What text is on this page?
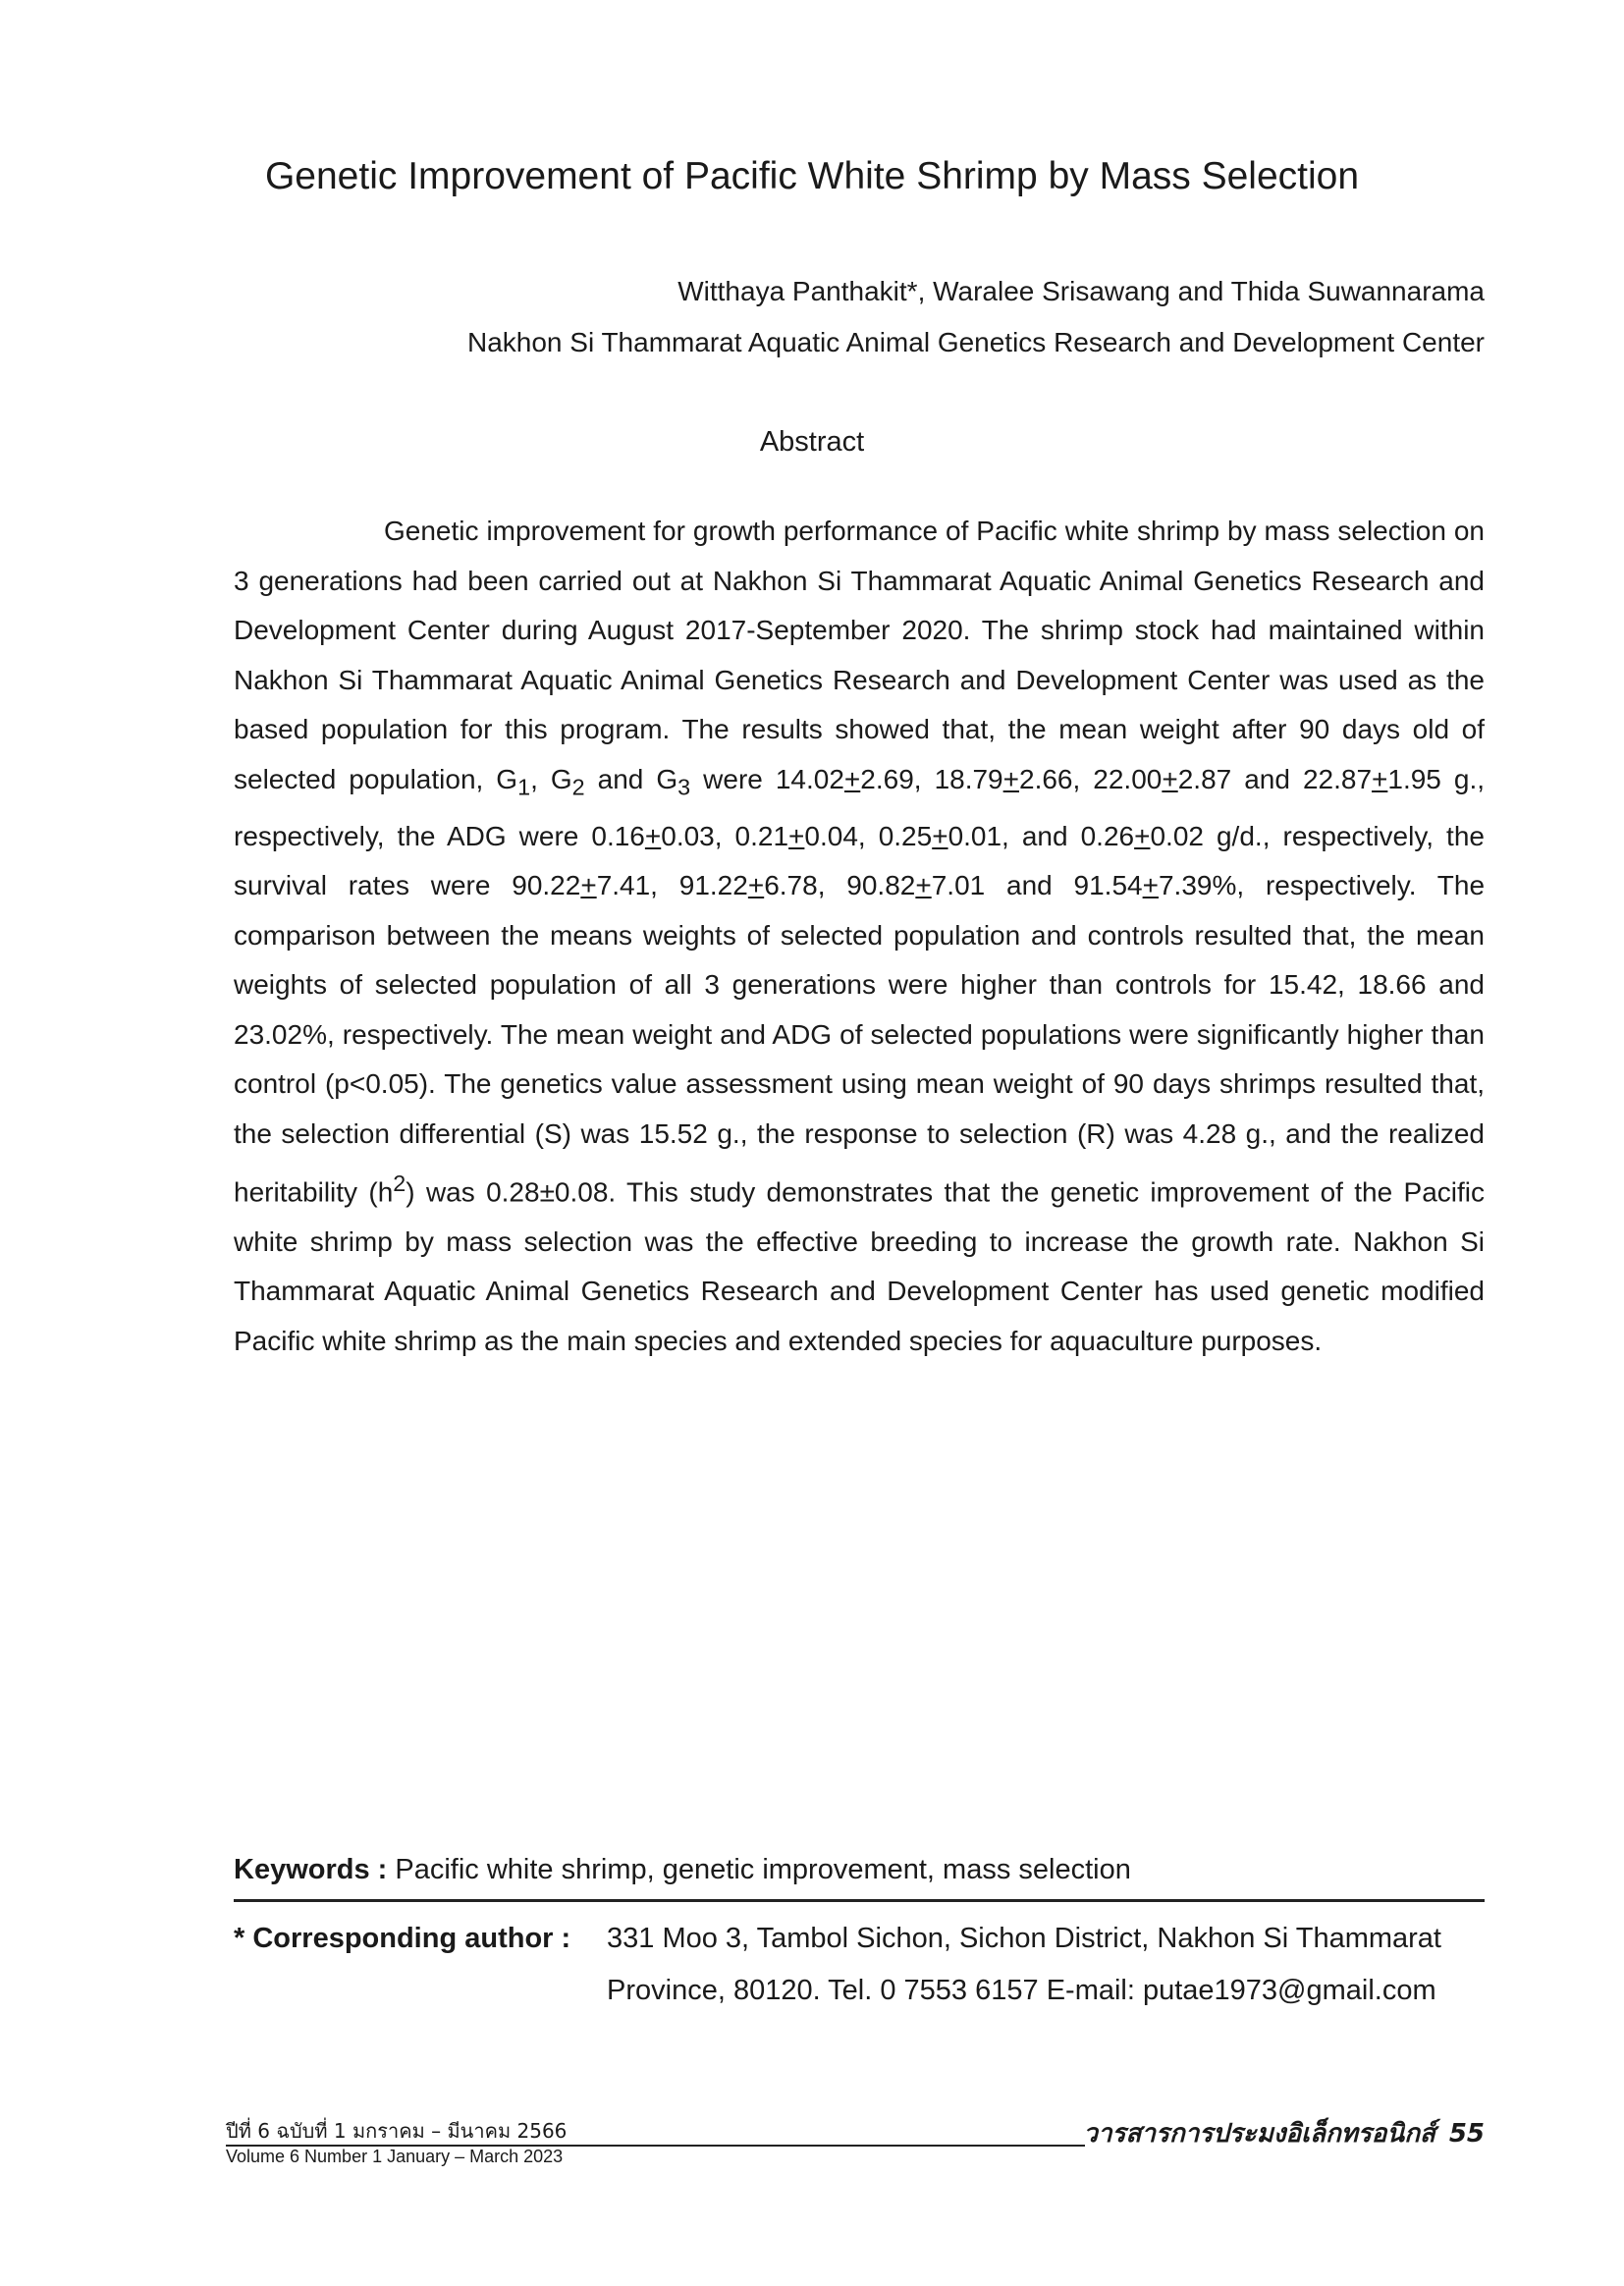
Genetic Improvement of Pacific White Shrimp by Mass Selection
Witthaya Panthakit*, Waralee Srisawang and Thida Suwannarama
Nakhon Si Thammarat Aquatic Animal Genetics Research and Development Center
Abstract

Genetic improvement for growth performance of Pacific white shrimp by mass selection on 3 generations had been carried out at Nakhon Si Thammarat Aquatic Animal Genetics Research and Development Center during August 2017-September 2020. The shrimp stock had maintained within Nakhon Si Thammarat Aquatic Animal Genetics Research and Development Center was used as the based population for this program. The results showed that, the mean weight after 90 days old of selected population, $G_1$, $G_2$ and $G_3$ were 14.02+2.69, 18.79+2.66, 22.00+2.87 and 22.87+1.95 g., respectively, the ADG were 0.16+0.03, 0.21+0.04, 0.25+0.01, and 0.26+0.02 g/d., respectively, the survival rates were 90.22+7.41, 91.22+6.78, 90.82+7.01 and 91.54+7.39%, respectively. The comparison between the means weights of selected population and controls resulted that, the mean weights of selected population of all 3 generations were higher than controls for 15.42, 18.66 and 23.02%, respectively. The mean weight and ADG of selected populations were significantly higher than control (p<0.05). The genetics value assessment using mean weight of 90 days shrimps resulted that, the selection differential (S) was 15.52 g., the response to selection (R) was 4.28 g., and the realized heritability $(h^2)$ was 0.28±0.08. This study demonstrates that the genetic improvement of the Pacific white shrimp by mass selection was the effective breeding to increase the growth rate. Nakhon Si Thammarat Aquatic Animal Genetics Research and Development Center has used genetic modified Pacific white shrimp as the main species and extended species for aquaculture purposes.

Keywords : Pacific white shrimp, genetic improvement, mass selection
* Corresponding author : 331 Moo 3, Tambol Sichon, Sichon District, Nakhon Si Thammarat
Province, 80120. Tel. 0 7553 6157 E-mail: putae1973@gmail.com
ปีที่ 6 ฉบับที่ 1 มกราคม – มีนาคม 2566
Volume 6 Number 1 January – March 2023
วารสารการประมงอิเล็กทรอนิกส์ 55
